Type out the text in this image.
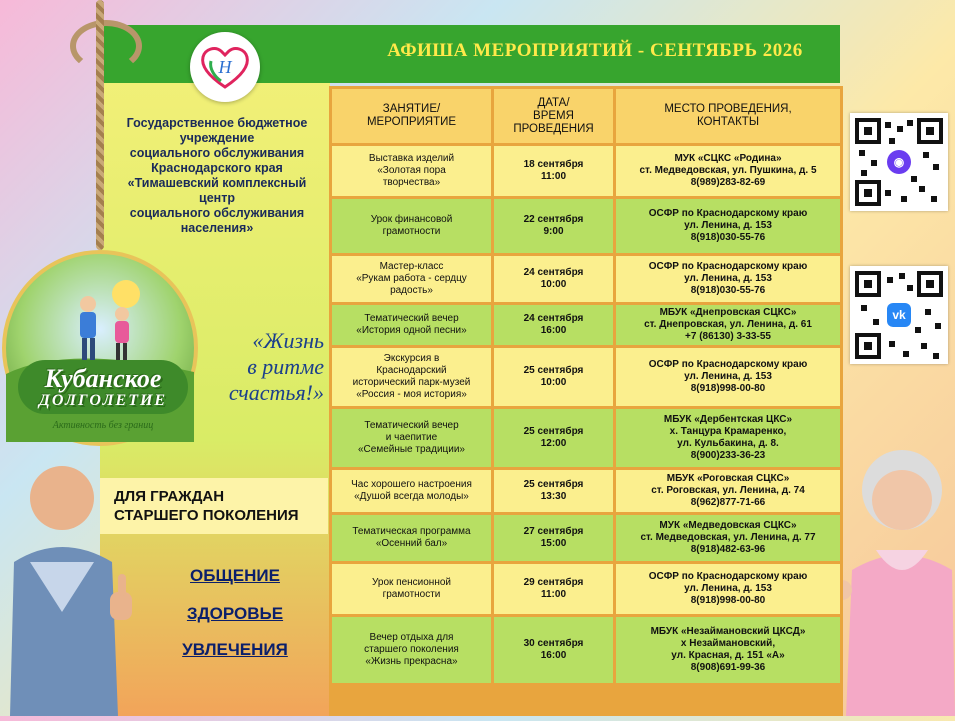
АФИША МЕРОПРИЯТИЙ - СЕНТЯБРЬ 2026
Н
Государственное бюджетное
учреждение
социального обслуживания
Краснодарского края
«Тимашевский комплексный
центр
социального обслуживания
населения»
Кубанское
ДОЛГОЛЕТИЕ
Активность без границ
«Жизнь
в ритме
счастья!»
ДЛЯ ГРАЖДАН
СТАРШЕГО ПОКОЛЕНИЯ
ОБЩЕНИЕ
ЗДОРОВЬЕ
УВЛЕЧЕНИЯ
◉
vk
ЗАНЯТИЕ/
МЕРОПРИЯТИЕ	ДАТА/
ВРЕМЯ
ПРОВЕДЕНИЯ	МЕСТО ПРОВЕДЕНИЯ,
КОНТАКТЫ

Выставка изделий
«Золотая пора
творчества»	18 сентября
11:00	МУК «СЦКС «Родина»
ст. Медведовская, ул. Пушкина, д. 5
8(989)283-82-69

Урок финансовой
грамотности	22 сентября
9:00	ОСФР по Краснодарскому краю
ул. Ленина, д. 153
8(918)030-55-76

Мастер-класс
«Рукам работа - сердцу
радость»	24 сентября
10:00	ОСФР по Краснодарскому краю
ул. Ленина, д. 153
8(918)030-55-76

Тематический вечер
«История одной песни»	24 сентября
16:00	МБУК «Днепровская СЦКС»
ст. Днепровская, ул. Ленина, д. 61
+7 (86130) 3-33-55

Экскурсия в
Краснодарский
исторический парк-музей
«Россия - моя история»	25 сентября
10:00	ОСФР по Краснодарскому краю
ул. Ленина, д. 153
8(918)998-00-80

Тематический вечер
и чаепитие
«Семейные традиции»	25 сентября
12:00	МБУК «Дербентская ЦКС»
х. Танцура Крамаренко,
ул. Кульбакина, д. 8.
8(900)233-36-23

Час хорошего настроения
«Душой всегда молоды»	25 сентября
13:30	МБУК «Роговская СЦКС»
ст. Роговская, ул. Ленина, д. 74
8(962)877-71-66

Тематическая программа
«Осенний бал»	27 сентября
15:00	МУК «Медведовская СЦКС»
ст. Медведовская, ул. Ленина, д. 77
8(918)482-63-96

Урок пенсионной
грамотности	29 сентября
11:00	ОСФР по Краснодарскому краю
ул. Ленина, д. 153
8(918)998-00-80

Вечер отдыха для
старшего поколения
«Жизнь прекрасна»	30 сентября
16:00	МБУК «Незаймановский ЦКСД»
х Незаймановский,
ул. Красная, д. 151 «А»
8(908)691-99-36
